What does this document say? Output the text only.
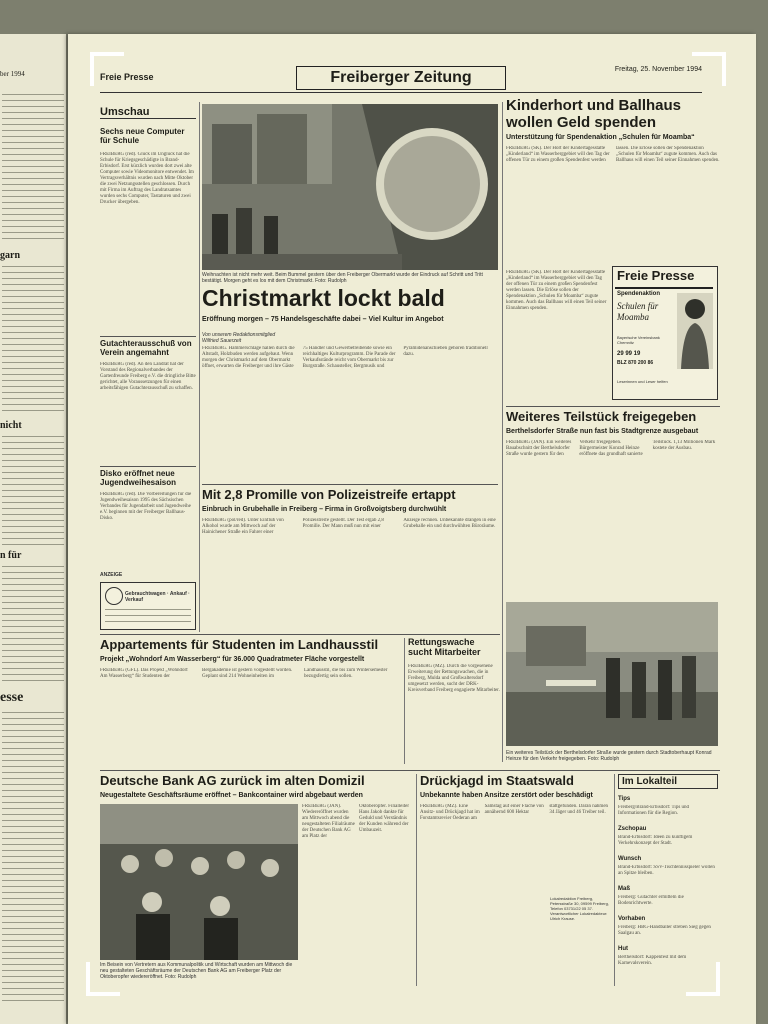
ber 1994
garn
nicht
n für
esse
Freie Presse	Freiberger Zeitung	Freitag, 25. November 1994
Umschau
Sechs neue Computer für Schule
FREIBERG (red). Glück im Unglück hat die Schule für Kriegsgeschädigte in Brand-Erbisdorf. Erst kürzlich wurden dort zwei alte Computer sowie Videomonitore entwendet. Im Vertragsverhältnis wurden nach Mitte Oktober die zwei Netzungsstellen geschlossen. Durch mit Firma im Auftrag des Landratsamtes wurden sechs Computer, Tastaturen und zwei Drucker übergeben.
Gutachterausschuß von Verein angemahnt
FREIBERG (red). An den Landrat hat der Vorstand des Regionalverbandes der Gartenfreunde Freiberg e.V. die dringliche Bitte gerichtet, alle Voraussetzungen für einen arbeitsfähigen Gutachterausschuß zu schaffen.
Disko eröffnet neue Jugendweihesaison
FREIBERG (red). Die Vorbereitungen für die Jugendweihesaison 1995 des Sächsischen Verbandes für Jugendarbeit und Jugendweihe e.V. beginnen mit der Freiberger Ballhaus-Disko.
ANZEIGE
Gebrauchtwagen · Ankauf · Verkauf
Weihnachten ist nicht mehr weit. Beim Bummel gestern über den Freiberger Obermarkt wurde der Eindruck auf Schritt und Tritt bestätigt. Morgen geht es los mit dem Christmarkt. Foto: Rudolph
Christmarkt lockt bald
Eröffnung morgen – 75 Handelsgeschäfte dabei – Viel Kultur im Angebot
Von unserem Redaktionsmitglied Wilfried Sauerzeit
FREIBERG. Hammerschläge hallen durch die Altstadt, Holzbuden werden aufgebaut. Wenn morgen der Christmarkt auf dem Obermarkt öffnet, erwarten die Freiberger und ihre Gäste 75 Händler und Gewerbetreibende sowie ein reichhaltiges Kulturprogramm. Die Parade der Verkaufsstände reicht vom Obermarkt bis zur Burgstraße. Schausteller, Bergmusik und Pyramidenanschieben gehören traditionell dazu.
Mit 2,8 Promille von Polizeistreife ertappt
Einbruch in Grubehalle in Freiberg – Firma in Großvoigtsberg durchwühlt
FREIBERG (pol/red). Unter Einfluß von Alkohol wurde am Mittwoch auf der Hainichener Straße ein Fahrer einer Polizeistreife gestellt. Der Test ergab 2,8 Promille. Der Mann muß nun mit einer Anzeige rechnen. Unbekannte drangen in eine Grubehalle ein und durchwühlten Büroräume.
Kinderhort und Ballhaus wollen Geld spenden
Unterstützung für Spendenaktion „Schulen für Moamba“
FREIBERG (SK). Der Hort der Kindertagesstätte „Kinderland“ im Wasserberggebiet will den Tag der offenen Tür zu einem großen Spendenfest werden lassen. Die Erlöse sollen der Spendenaktion „Schulen für Moamba“ zugute kommen. Auch das Ballhaus will einen Teil seiner Einnahmen spenden.
FREIBERG (SK). Der Hort der Kindertagesstätte „Kinderland“ im Wasserberggebiet will den Tag der offenen Tür zu einem großen Spendenfest werden lassen. Die Erlöse sollen der Spendenaktion „Schulen für Moamba“ zugute kommen. Auch das Ballhaus will einen Teil seiner Einnahmen spenden.
Freie Presse
Spendenaktion
Schulen für Moamba
Bayerische Vereinsbank Chemnitz
29 99 19
BLZ 870 200 86
Leserinnen und Leser helfen
Weiteres Teilstück freigegeben
Berthelsdorfer Straße nun fast bis Stadtgrenze ausgebaut
FREIBERG (JAN). Ein weiteres Bauabschnitt der Berthelsdorfer Straße wurde gestern für den Verkehr freigegeben. Bürgermeister Konrad Heinze eröffnete das grundhaft sanierte Teilstück. 1,13 Millionen Mark kostete der Ausbau.
Ein weiteres Teilstück der Berthelsdorfer Straße wurde gestern durch Stadtoberhaupt Konrad Heinze für den Verkehr freigegeben. Foto: Rudolph
Appartements für Studenten im Landhausstil
Projekt „Wohndorf Am Wasserberg“ für 36.000 Quadratmeter Fläche vorgestellt
FREIBERG (GFL). Das Projekt „Wohndorf Am Wasserberg“ für Studenten der Bergakademie ist gestern vorgestellt worden. Geplant sind 214 Wohneinheiten im Landhausstil, die bis zum Wintersemester bezugsfertig sein sollen.
Rettungswache sucht Mitarbeiter
FREIBERG (MZ). Durch die vorgesehene Erweiterung der Rettungswachen, die in Freiberg, Mulda und Großwaltersdorf umgesetzt werden, sucht der DRK-Kreisverband Freiberg engagierte Mitarbeiter.
Deutsche Bank AG zurück im alten Domizil
Neugestaltete Geschäftsräume eröffnet – Bankcontainer wird abgebaut werden
Im Beisein von Vertretern aus Kommunalpolitik und Wirtschaft wurden am Mittwoch die neu gestalteten Geschäftsräume der Deutschen Bank AG am Freiberger Platz der Oktoberopfer wiedereröffnet. Foto: Rudolph
FREIBERG (JAN). Wiedereröffnet wurden am Mittwoch abend die neugestalteten Filialräume der Deutschen Bank AG am Platz der Oktoberopfer. Filialleiter Hans Jakob dankte für Geduld und Verständnis der Kunden während der Umbauzeit.
Drückjagd im Staatswald
Unbekannte haben Ansitze zerstört oder beschädigt
FREIBERG (MZ). Eine Ansitz- und Drückjagd hat im Forstamtsrevier Oederan am Samstag auf einer Fläche von annähernd 600 Hektar stattgefunden. Daran nahmen 34 Jäger und 46 Treiber teil.
Lokalredaktion Freiberg, Petersstraße 30, 09599 Freiberg, Telefon 03731/22 05 37. Verantwortlicher Lokalredakteur: Ulrich Krause.
Im Lokalteil
Tips
Freiberg/Brand-Erbisdorf: Tips und Informationen für die Region.
Zschopau
Brand-Erbisdorf: Ideen zu künftigem Verkehrskonzept der Stadt.
Wunsch
Brand-Erbisdorf: SSV-Tischtennisspieler wollen an Spitze bleiben.
Maß
Freiberg: Gutachter ermitteln die Bodenrichtwerte.
Vorhaben
Freiberg: HBG-Handballer streben Sieg gegen Saalgau an.
Hut
Berthelsdorf: Kappenfest mit dem Karnevalsverein.
